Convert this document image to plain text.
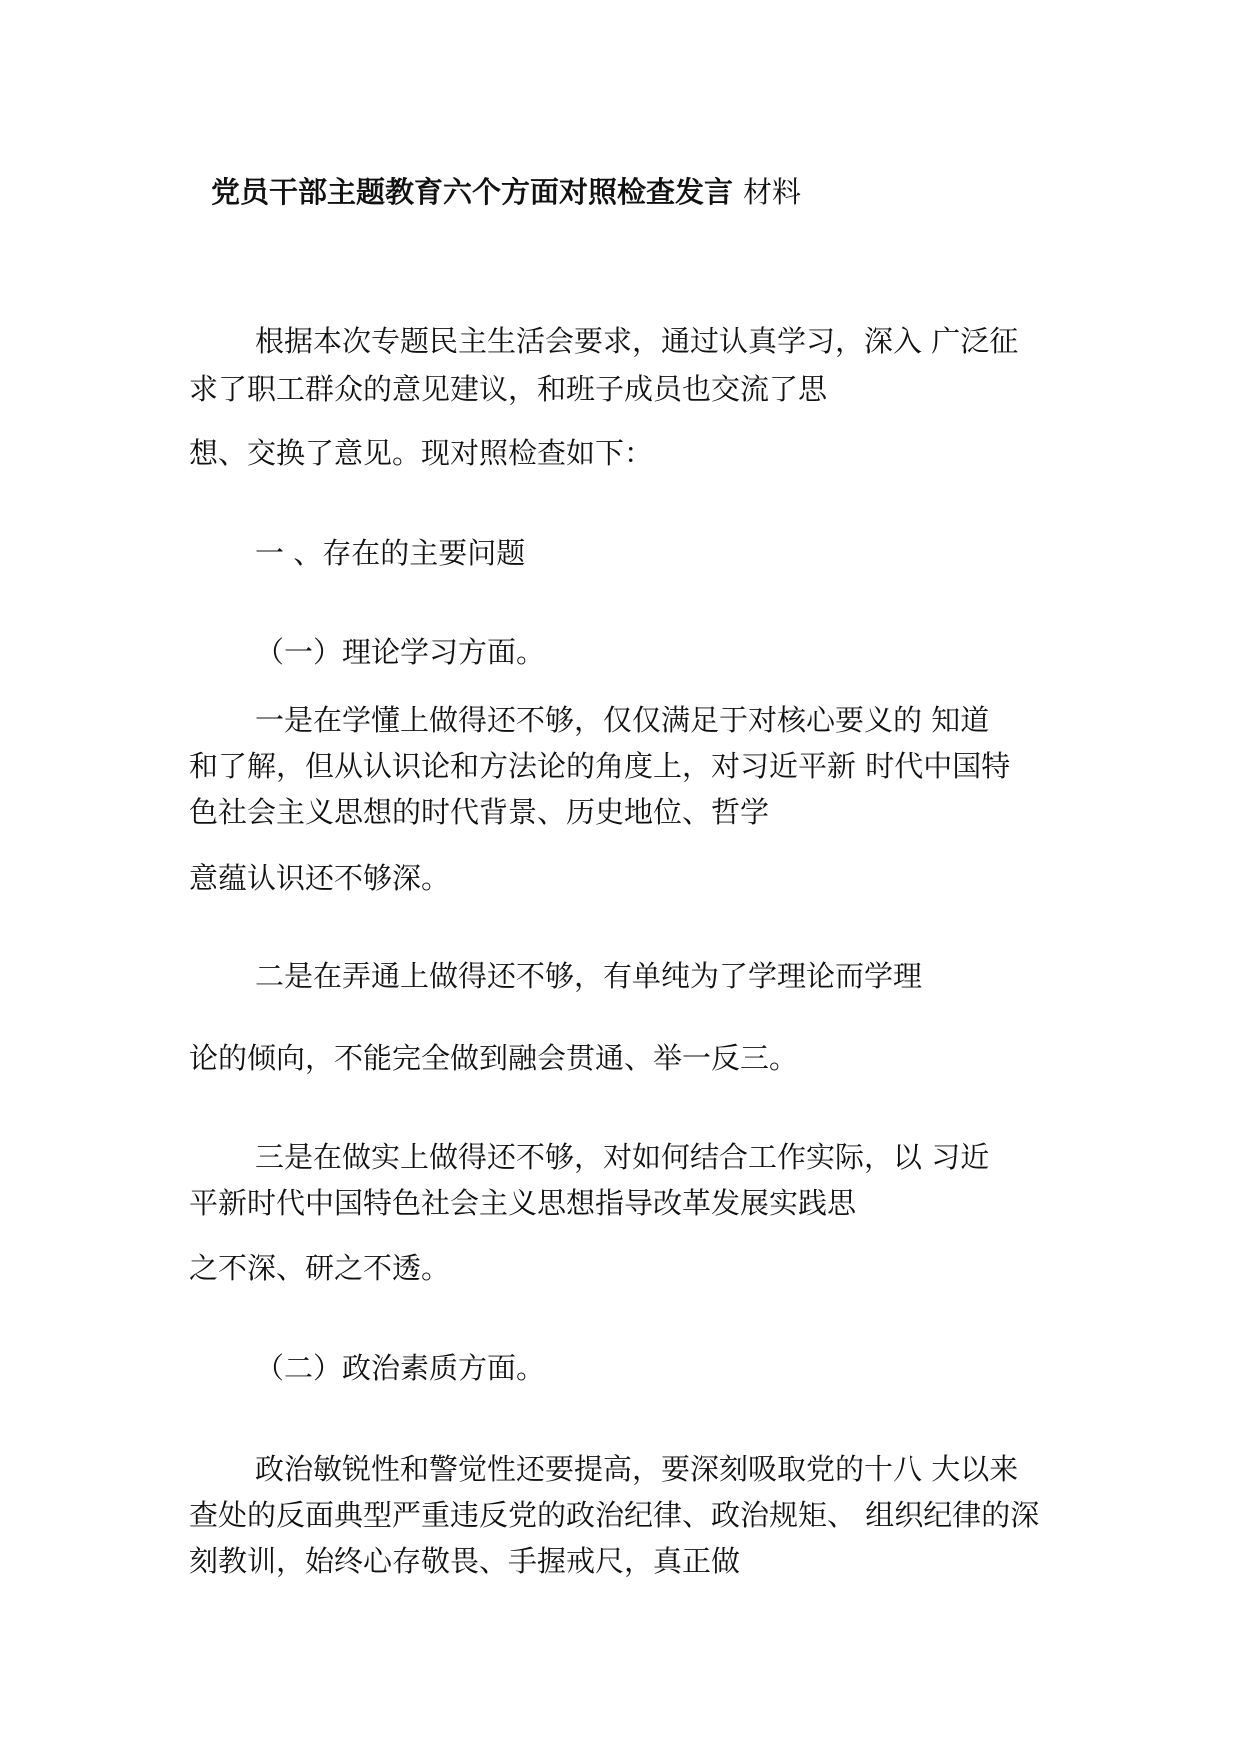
党员干部主题教育六个方面对照检查发言 材料
根据本次专题民主生活会要求，通过认真学习，深入 广泛征
求了职工群众的意见建议，和班子成员也交流了思
想、交换了意见。现对照检查如下：
一 、存在的主要问题
（一）理论学习方面。
一是在学懂上做得还不够，仅仅满足于对核心要义的 知道
和了解，但从认识论和方法论的角度上，对习近平新 时代中国特
色社会主义思想的时代背景、历史地位、哲学
意蕴认识还不够深。
二是在弄通上做得还不够，有单纯为了学理论而学理
论的倾向，不能完全做到融会贯通、举一反三。
三是在做实上做得还不够，对如何结合工作实际，以 习近
平新时代中国特色社会主义思想指导改革发展实践思
之不深、研之不透。
（二）政治素质方面。
政治敏锐性和警觉性还要提高，要深刻吸取党的十八 大以来
查处的反面典型严重违反党的政治纪律、政治规矩、 组织纪律的深
刻教训，始终心存敬畏、手握戒尺，真正做
